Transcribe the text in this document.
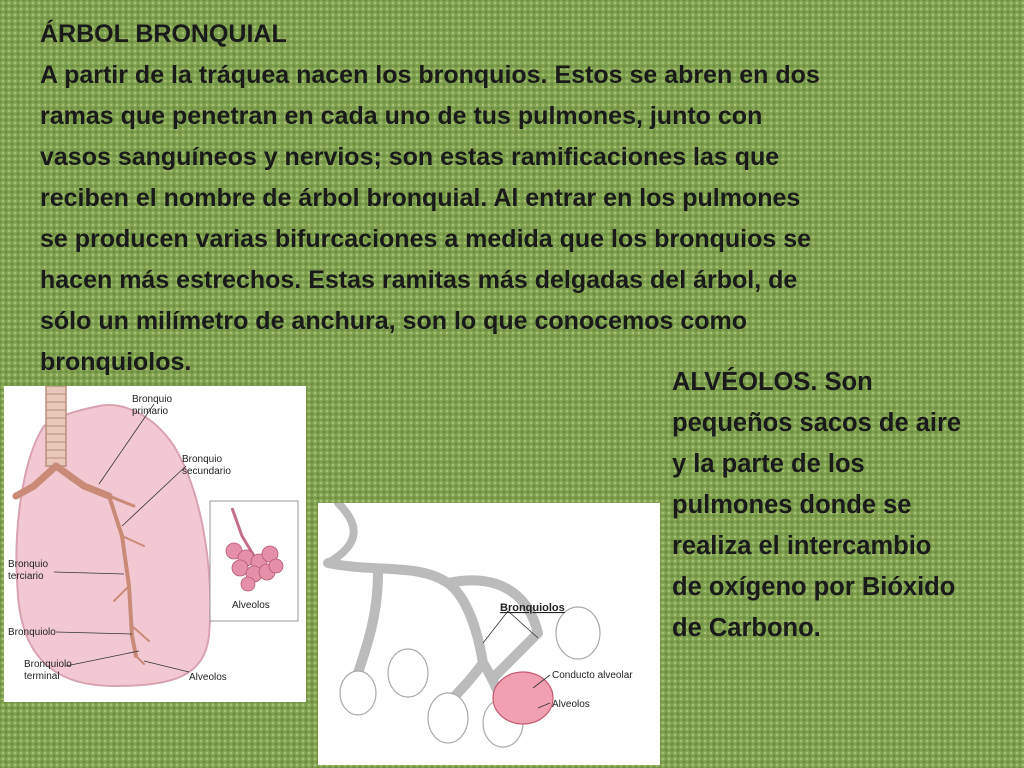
ÁRBOL BRONQUIAL
A partir de la tráquea nacen los bronquios. Estos se abren en dos
ramas que penetran en cada uno de tus pulmones, junto con
vasos sanguíneos y nervios; son estas ramificaciones las que
reciben el nombre de árbol bronquial. Al entrar en los pulmones
se producen varias bifurcaciones a medida que los bronquios se
hacen más estrechos. Estas ramitas más delgadas del árbol, de
sólo un milímetro de anchura, son lo que conocemos como
bronquiolos.
ALVÉOLOS. Son
pequeños sacos de aire
y la parte de los
pulmones donde se
realiza el intercambio
de oxígeno por Bióxido
de Carbono.
Bronquio
primario
Bronquio
secundario
Bronquio
terciario
Bronquiolo
Bronquiolo
terminal	Alveolos
Alveolos	Bronquiolos
Conducto alveolar
Alveolos
